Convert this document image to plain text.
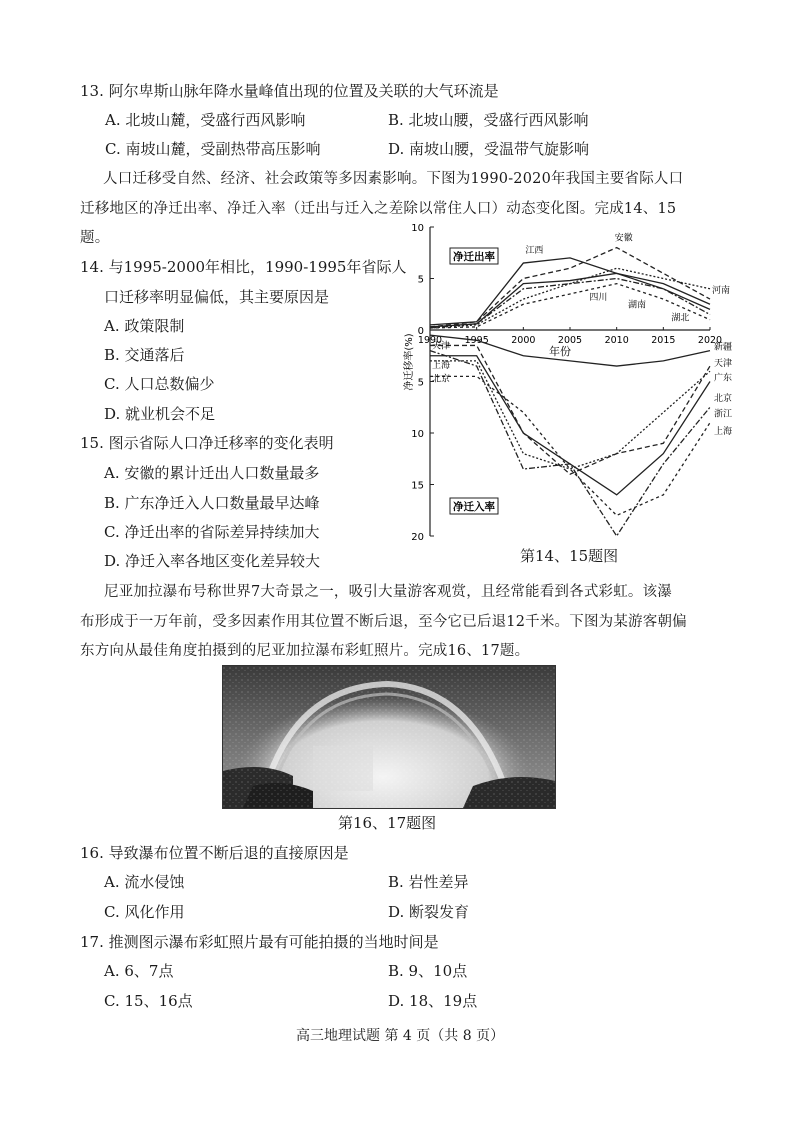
13. 阿尔卑斯山脉年降水量峰值出现的位置及关联的大气环流是
A. 北坡山麓，受盛行西风影响	B. 北坡山腰，受盛行西风影响
C. 南坡山麓，受副热带高压影响	D. 南坡山腰，受温带气旋影响
人口迁移受自然、经济、社会政策等多因素影响。下图为1990-2020年我国主要省际人口
迁移地区的净迁出率、净迁入率（迁出与迁入之差除以常住人口）动态变化图。完成14、15
题。
14. 与1995-2000年相比，1990-1995年省际人
口迁移率明显偏低，其主要原因是
A. 政策限制
B. 交通落后
C. 人口总数偏少
D. 就业机会不足
15. 图示省际人口净迁移率的变化表明
A. 安徽的累计迁出人口数量最多
B. 广东净迁入人口数量最早达峰
C. 净迁出率的省际差异持续加大
D. 净迁入率各地区变化差异较大
10
5
0
5
10
15
20
1990 1995 2000 2005 2010 2015 2020
净迁移率(%)	年份
净迁出率
净迁入率
江西
安徽
河南
四川
湖南
湖北
新疆
天津
广东
北京
浙江
上海
天津
上海
北京
第14、15题图
尼亚加拉瀑布号称世界7大奇景之一，吸引大量游客观赏，且经常能看到各式彩虹。该瀑
布形成于一万年前，受多因素作用其位置不断后退，至今它已后退12千米。下图为某游客朝偏
东方向从最佳角度拍摄到的尼亚加拉瀑布彩虹照片。完成16、17题。
第16、17题图
16. 导致瀑布位置不断后退的直接原因是
A. 流水侵蚀	B. 岩性差异
C. 风化作用	D. 断裂发育
17. 推测图示瀑布彩虹照片最有可能拍摄的当地时间是
A. 6、7点	B. 9、10点
C. 15、16点	D. 18、19点
高三地理试题 第 4 页（共 8 页）
